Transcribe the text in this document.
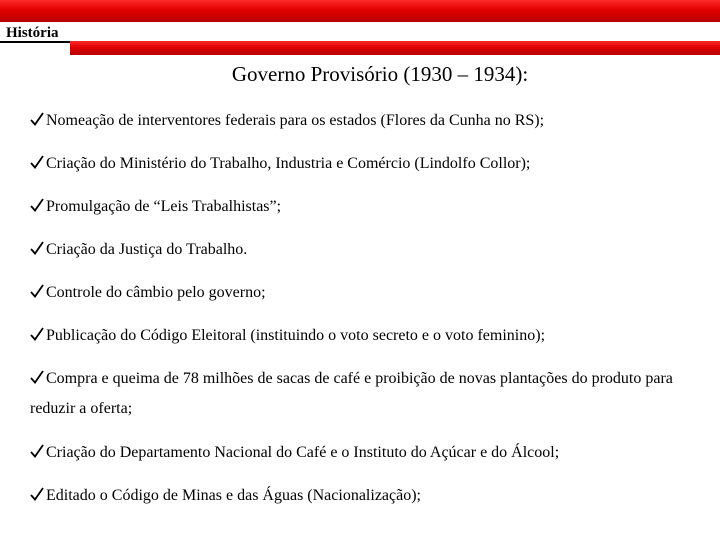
História
Governo Provisório (1930 – 1934):
Nomeação de interventores federais para os estados (Flores da Cunha no RS);
Criação do Ministério do Trabalho, Industria e Comércio (Lindolfo Collor);
Promulgação de “Leis Trabalhistas”;
Criação da Justiça do Trabalho.
Controle do câmbio pelo governo;
Publicação do Código Eleitoral (instituindo o voto secreto e o voto feminino);
Compra e queima de 78 milhões de sacas de café e proibição de novas plantações do produto para reduzir a oferta;
Criação do Departamento Nacional do Café e o Instituto do Açúcar e do Álcool;
Editado o Código de Minas e das Águas (Nacionalização);
